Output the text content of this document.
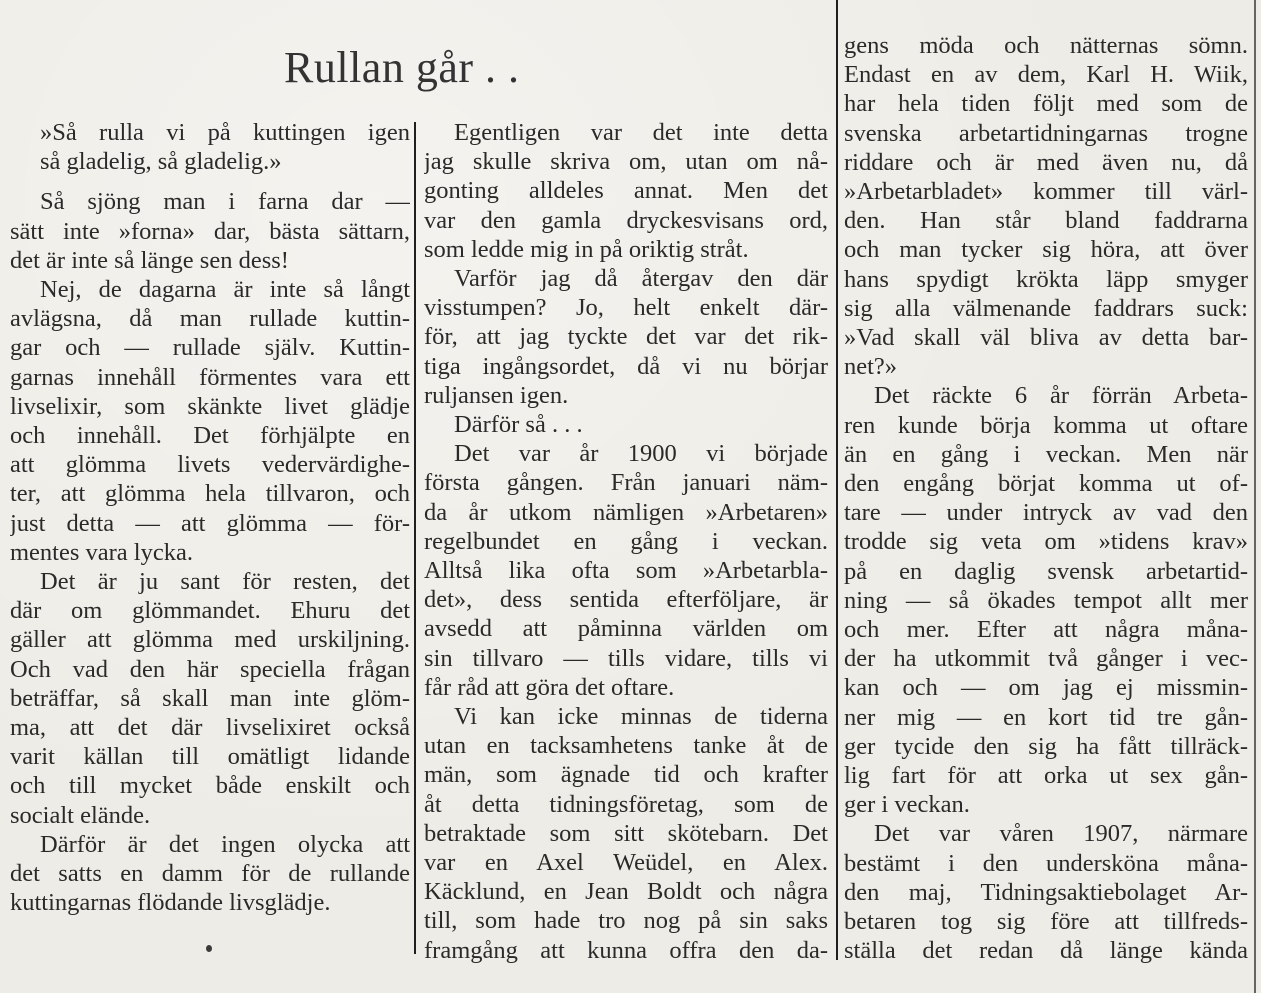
Rullan går . .
»Så rulla vi på kuttingen igen
så gladelig, så gladelig.»
Så sjöng man i farna dar —
sätt inte »forna» dar, bästa sättarn,
det är inte så länge sen dess!
Nej, de dagarna är inte så långt
avlägsna, då man rullade kuttin-
gar och — rullade själv. Kuttin-
garnas innehåll förmentes vara ett
livselixir, som skänkte livet glädje
och innehåll. Det förhjälpte en
att glömma livets vedervärdighe-
ter, att glömma hela tillvaron, och
just detta — att glömma — för-
mentes vara lycka.
Det är ju sant för resten, det
där om glömmandet. Ehuru det
gäller att glömma med urskiljning.
Och vad den här speciella frågan
beträffar, så skall man inte glöm-
ma, att det där livselixiret också
varit källan till omätligt lidande
och till mycket både enskilt och
socialt elände.
Därför är det ingen olycka att
det satts en damm för de rullande
kuttingarnas flödande livsglädje.
Egentligen var det inte detta
jag skulle skriva om, utan om nå-
gonting alldeles annat. Men det
var den gamla dryckesvisans ord,
som ledde mig in på oriktig stråt.
Varför jag då återgav den där
visstumpen? Jo, helt enkelt där-
för, att jag tyckte det var det rik-
tiga ingångsordet, då vi nu börjar
ruljansen igen.
Därför så . . .
Det var år 1900 vi började
första gången. Från januari näm-
da år utkom nämligen »Arbetaren»
regelbundet en gång i veckan.
Alltså lika ofta som »Arbetarbla-
det», dess sentida efterföljare, är
avsedd att påminna världen om
sin tillvaro — tills vidare, tills vi
får råd att göra det oftare.
Vi kan icke minnas de tiderna
utan en tacksamhetens tanke åt de
män, som ägnade tid och krafter
åt detta tidningsföretag, som de
betraktade som sitt skötebarn. Det
var en Axel Weüdel, en Alex.
Käcklund, en Jean Boldt och några
till, som hade tro nog på sin saks
framgång att kunna offra den da-
gens möda och nätternas sömn.
Endast en av dem, Karl H. Wiik,
har hela tiden följt med som de
svenska arbetartidningarnas trogne
riddare och är med även nu, då
»Arbetarbladet» kommer till värl-
den. Han står bland faddrarna
och man tycker sig höra, att över
hans spydigt krökta läpp smyger
sig alla välmenande faddrars suck:
»Vad skall väl bliva av detta bar-
net?»
Det räckte 6 år förrän Arbeta-
ren kunde börja komma ut oftare
än en gång i veckan. Men när
den engång börjat komma ut of-
tare — under intryck av vad den
trodde sig veta om »tidens krav»
på en daglig svensk arbetartid-
ning — så ökades tempot allt mer
och mer. Efter att några måna-
der ha utkommit två gånger i vec-
kan och — om jag ej missmin-
ner mig — en kort tid tre gån-
ger tycide den sig ha fått tillräck-
lig fart för att orka ut sex gån-
ger i veckan.
Det var våren 1907, närmare
bestämt i den undersköna måna-
den maj, Tidningsaktiebolaget Ar-
betaren tog sig före att tillfreds-
ställa det redan då länge kända
